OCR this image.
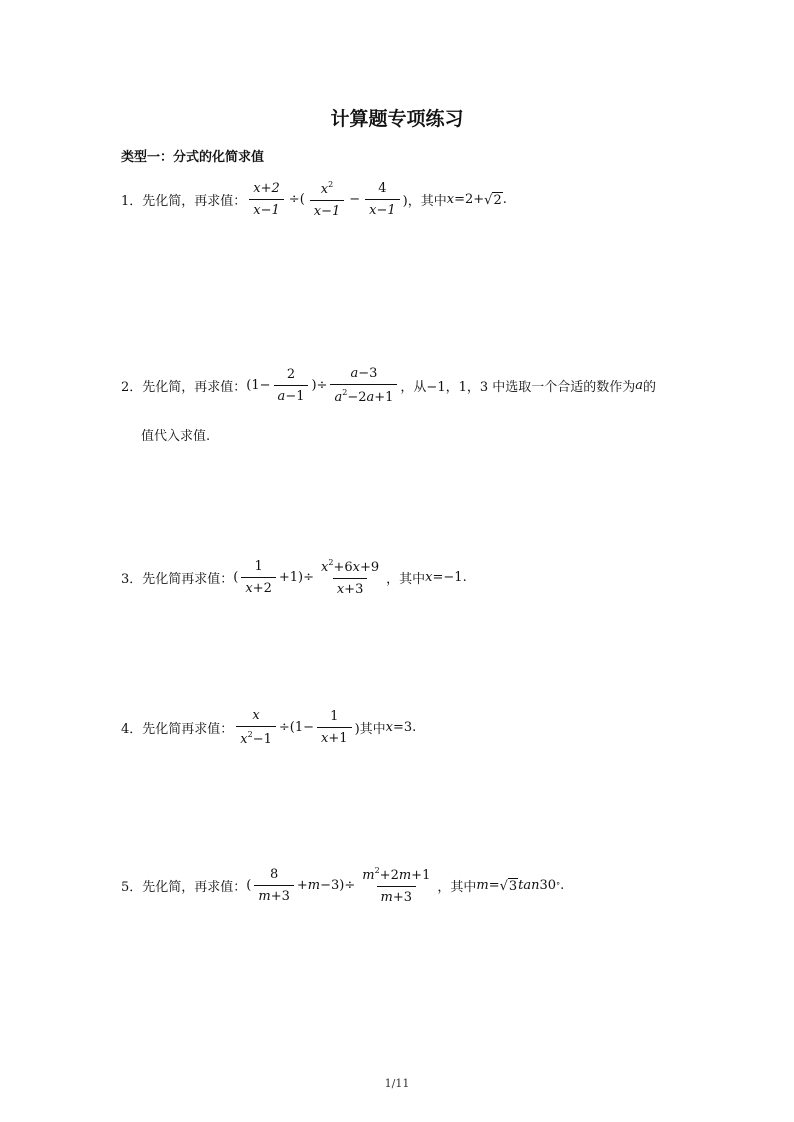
计算题专项练习
类型一：分式的化简求值
1． 先化简，再求值： $\frac{x+2}{x-1}$ ÷( $\frac{x^2}{x-1} - \frac{4}{x-1}$ )，其中 x =2+ √ 2 .
2． 先化简，再求值： ($1- \frac{2}{a-1}$ )÷ $\frac{a-3}{a^2-2a+1}$ ，从−1，1，3 中选取一个合适的数作为 a 的
值代入求值.
3． 先化简再求值： ( $\frac{1}{x+2} +1)\div \frac{x^2+6x+9}{x+3}$ ，其中 x =−1 .
4． 先化简再求值： $\frac{x}{x^2-1} \div(1- \frac{1}{x+1}$ )其中 x =3 .
5． 先化简，再求值： ( $\frac{8}{m+3} + m -3)\div \frac{m^2+2m+1}{m+3}$ ，其中 m = √ 3 tan 30 ° .
1/11
